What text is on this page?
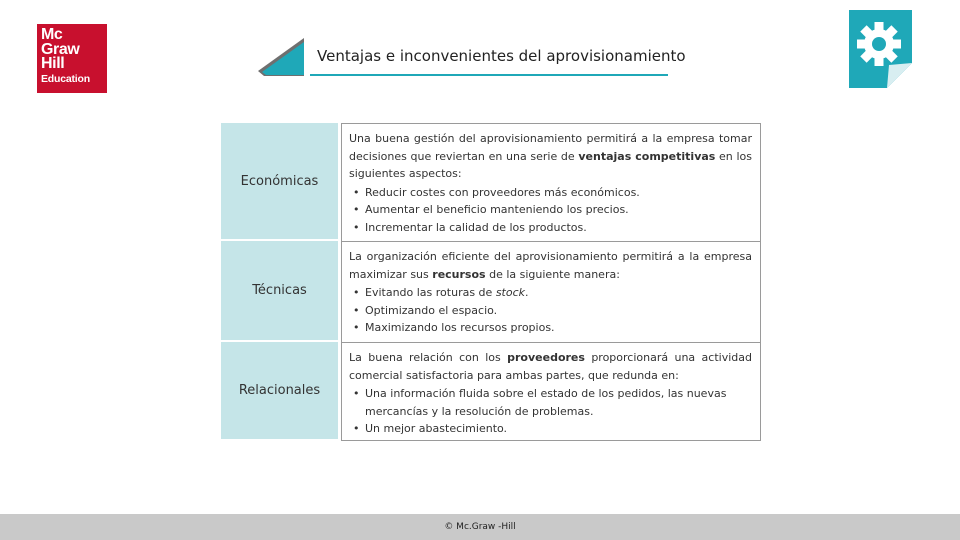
Mc
Graw
Hill
Education
Ventajas e inconvenientes del aprovisionamiento
Económicas
Una buena gestión del aprovisionamiento permitirá a la empresa tomar decisiones que reviertan en una serie de ventajas competitivas en los siguientes aspectos:
• Reducir costes con proveedores más económicos.
• Aumentar el beneficio manteniendo los precios.
• Incrementar la calidad de los productos.
Técnicas
La organización eficiente del aprovisionamiento permitirá a la empresa maximizar sus recursos de la siguiente manera:
• Evitando las roturas de stock.
• Optimizando el espacio.
• Maximizando los recursos propios.
Relacionales
La buena relación con los proveedores proporcionará una actividad comercial satisfactoria para ambas partes, que redunda en:
• Una información fluida sobre el estado de los pedidos, las nuevas mercancías y la resolución de problemas.
• Un mejor abastecimiento.
© Mc.Graw -Hill
